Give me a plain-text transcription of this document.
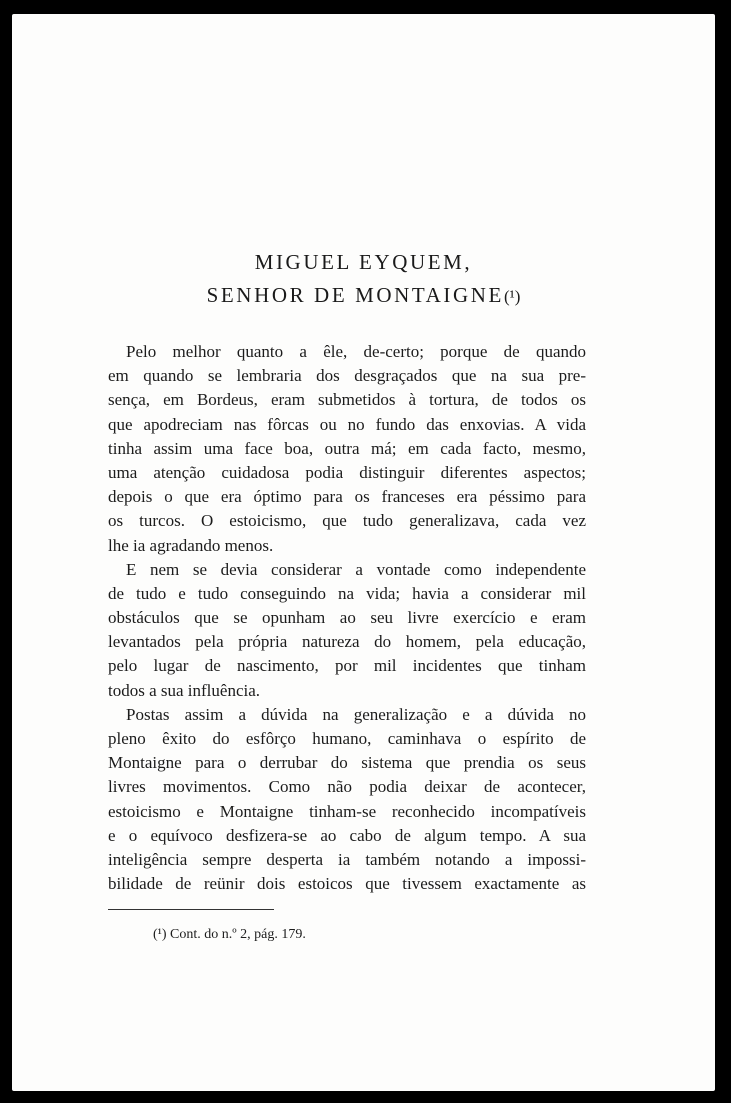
MIGUEL EYQUEM,
SENHOR DE MONTAIGNE(¹)
Pelo melhor quanto a êle, de-certo; porque de quando
em quando se lembraria dos desgraçados que na sua pre-
sença, em Bordeus, eram submetidos à tortura, de todos os
que apodreciam nas fôrcas ou no fundo das enxovias. A vida
tinha assim uma face boa, outra má; em cada facto, mesmo,
uma atenção cuidadosa podia distinguir diferentes aspectos;
depois o que era óptimo para os franceses era péssimo para
os turcos. O estoicismo, que tudo generalizava, cada vez
lhe ia agradando menos.
E nem se devia considerar a vontade como independente
de tudo e tudo conseguindo na vida; havia a considerar mil
obstáculos que se opunham ao seu livre exercício e eram
levantados pela própria natureza do homem, pela educação,
pelo lugar de nascimento, por mil incidentes que tinham
todos a sua influência.
Postas assim a dúvida na generalização e a dúvida no
pleno êxito do esfôrço humano, caminhava o espírito de
Montaigne para o derrubar do sistema que prendia os seus
livres movimentos. Como não podia deixar de acontecer,
estoicismo e Montaigne tinham-se reconhecido incompatíveis
e o equívoco desfizera-se ao cabo de algum tempo. A sua
inteligência sempre desperta ia também notando a impossi-
bilidade de reünir dois estoicos que tivessem exactamente as
(¹) Cont. do n.º 2, pág. 179.
